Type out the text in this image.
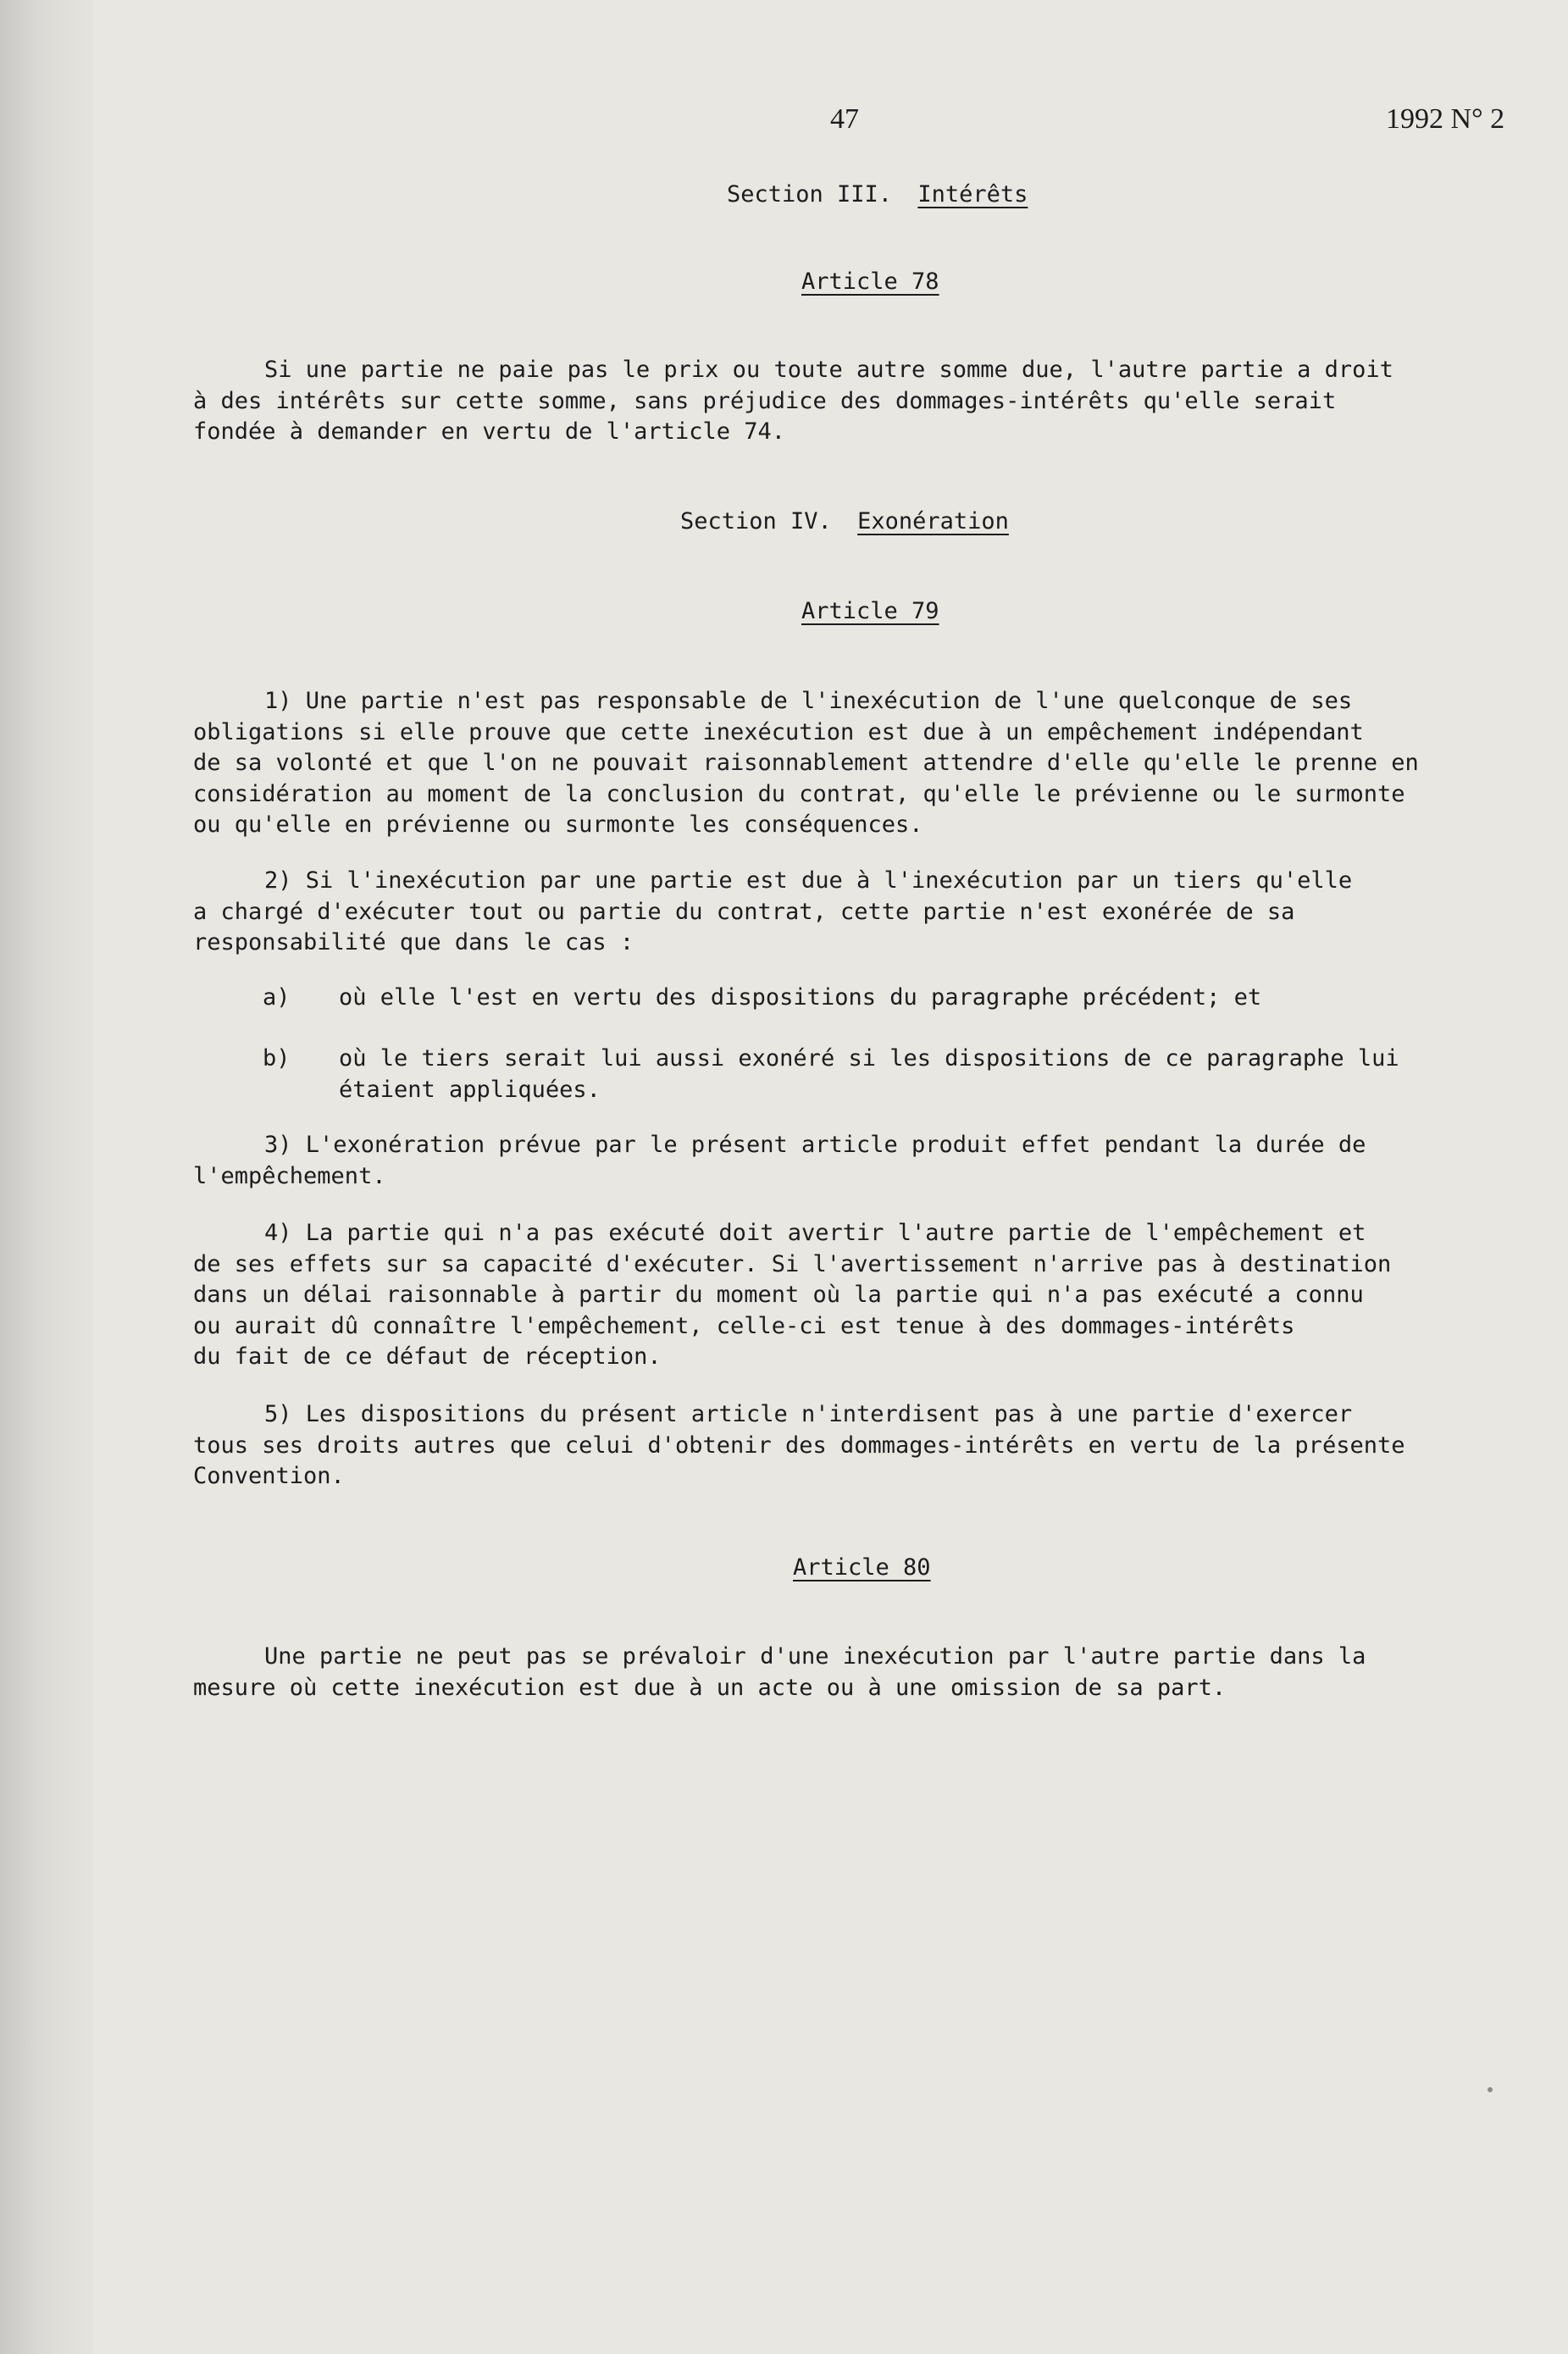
47	1992 N° 2
Section III. Intérêts
Article 78
Si une partie ne paie pas le prix ou toute autre somme due, l'autre partie a droit
à des intérêts sur cette somme, sans préjudice des dommages-intérêts qu'elle serait
fondée à demander en vertu de l'article 74.
Section IV. Exonération
Article 79
1) Une partie n'est pas responsable de l'inexécution de l'une quelconque de ses
obligations si elle prouve que cette inexécution est due à un empêchement indépendant
de sa volonté et que l'on ne pouvait raisonnablement attendre d'elle qu'elle le prenne en
considération au moment de la conclusion du contrat, qu'elle le prévienne ou le surmonte
ou qu'elle en prévienne ou surmonte les conséquences.
2) Si l'inexécution par une partie est due à l'inexécution par un tiers qu'elle
a chargé d'exécuter tout ou partie du contrat, cette partie n'est exonérée de sa
responsabilité que dans le cas :
a) où elle l'est en vertu des dispositions du paragraphe précédent; et
b) où le tiers serait lui aussi exonéré si les dispositions de ce paragraphe lui
étaient appliquées.
3) L'exonération prévue par le présent article produit effet pendant la durée de
l'empêchement.
4) La partie qui n'a pas exécuté doit avertir l'autre partie de l'empêchement et
de ses effets sur sa capacité d'exécuter. Si l'avertissement n'arrive pas à destination
dans un délai raisonnable à partir du moment où la partie qui n'a pas exécuté a connu
ou aurait dû connaître l'empêchement, celle-ci est tenue à des dommages-intérêts
du fait de ce défaut de réception.
5) Les dispositions du présent article n'interdisent pas à une partie d'exercer
tous ses droits autres que celui d'obtenir des dommages-intérêts en vertu de la présente
Convention.
Article 80
Une partie ne peut pas se prévaloir d'une inexécution par l'autre partie dans la
mesure où cette inexécution est due à un acte ou à une omission de sa part.
